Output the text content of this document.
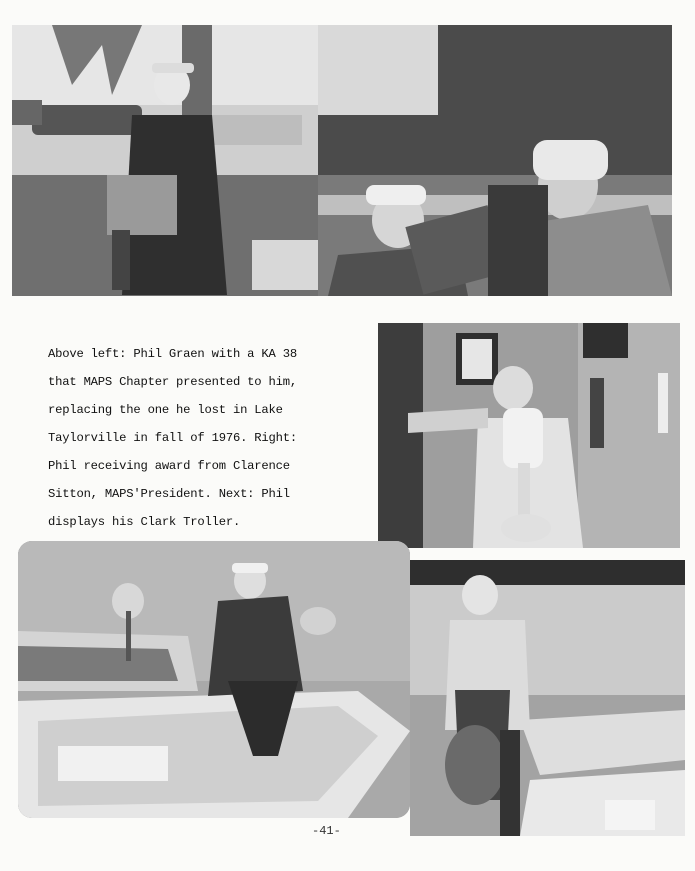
Above left: Phil Graen with a KA 38

that MAPS Chapter presented to him,

replacing the one he lost in Lake

Taylorville in fall of 1976. Right:

Phil receiving award from Clarence

Sitton, MAPS'President. Next: Phil

displays his Clark Troller.

-41-
